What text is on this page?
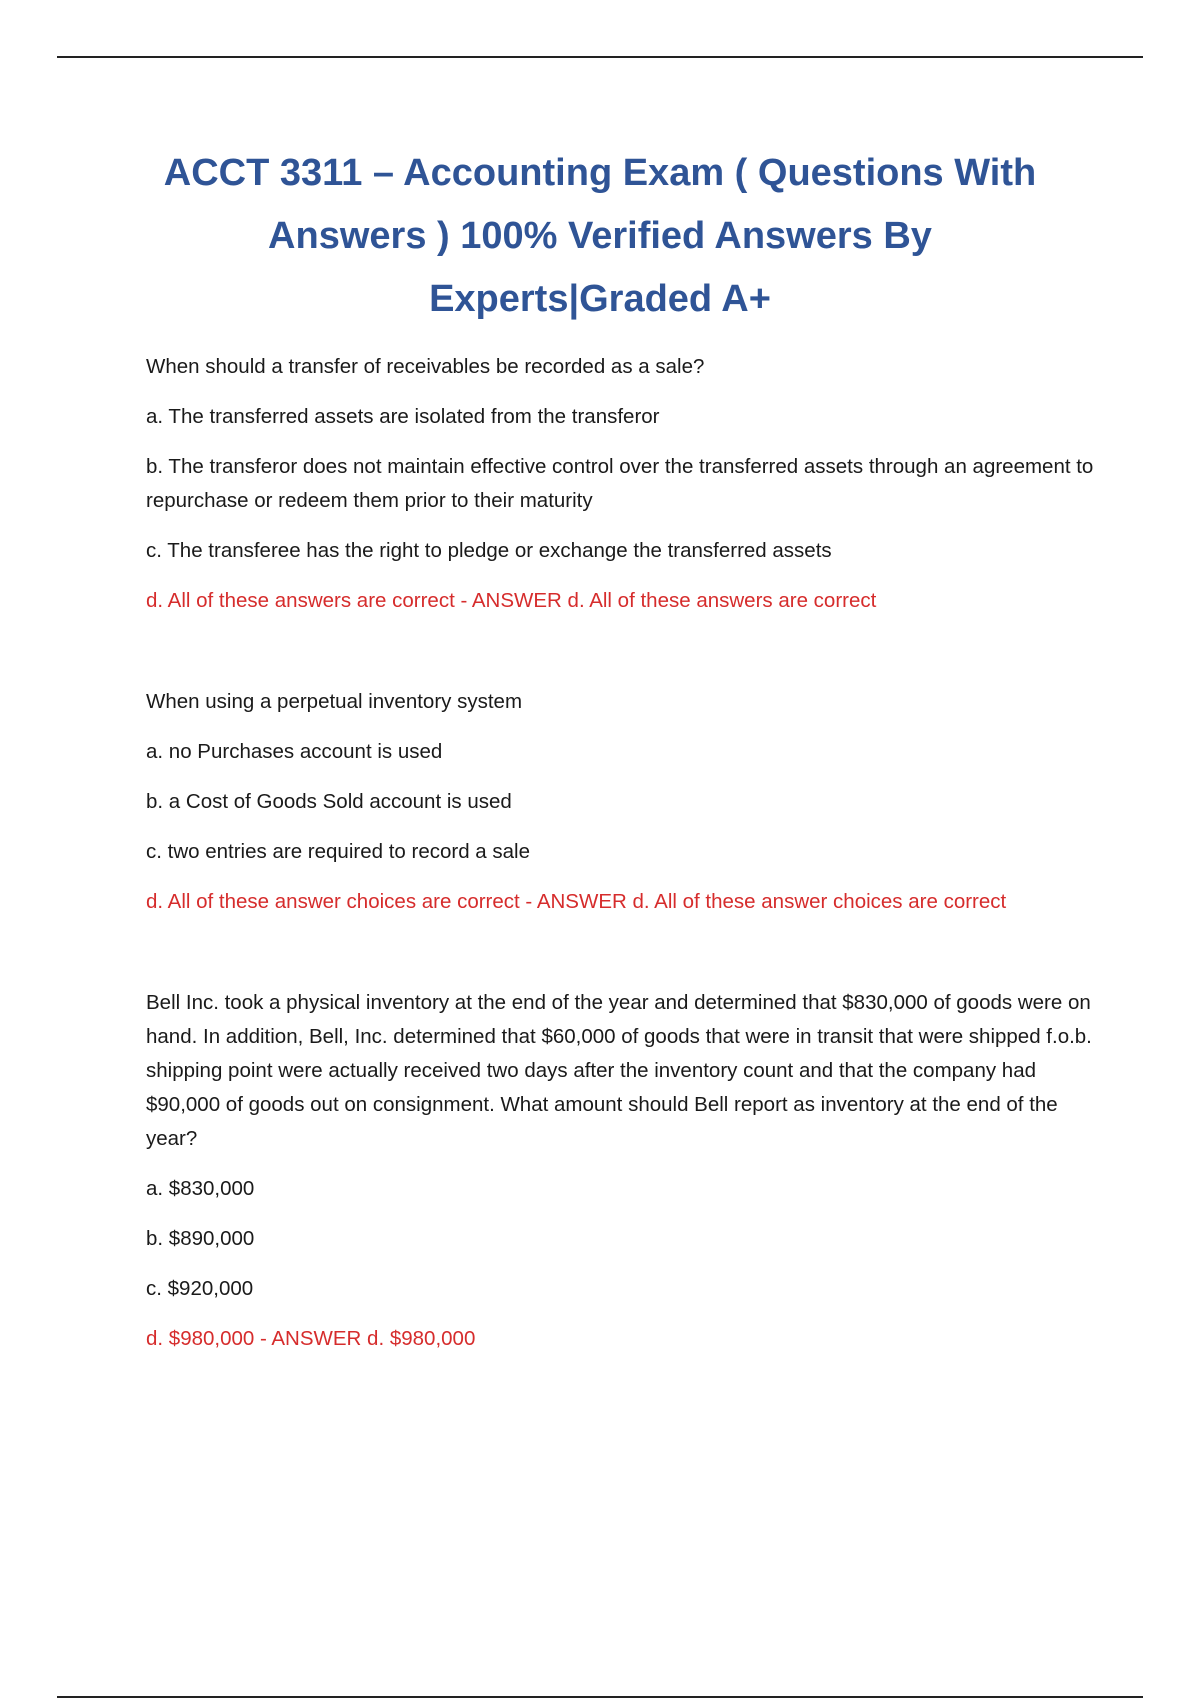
ACCT 3311 – Accounting Exam ( Questions With
Answers ) 100% Verified Answers By
Experts|Graded A+

When should a transfer of receivables be recorded as a sale?

a. The transferred assets are isolated from the transferor

b. The transferor does not maintain effective control over the transferred assets through an agreement to repurchase or redeem them prior to their maturity

c. The transferee has the right to pledge or exchange the transferred assets

d. All of these answers are correct - ANSWER d. All of these answers are correct

When using a perpetual inventory system

a. no Purchases account is used

b. a Cost of Goods Sold account is used

c. two entries are required to record a sale

d. All of these answer choices are correct - ANSWER d. All of these answer choices are correct

Bell Inc. took a physical inventory at the end of the year and determined that $830,000 of goods were on hand. In addition, Bell, Inc. determined that $60,000 of goods that were in transit that were shipped f.o.b. shipping point were actually received two days after the inventory count and that the company had $90,000 of goods out on consignment. What amount should Bell report as inventory at the end of the year?

a. $830,000

b. $890,000

c. $920,000

d. $980,000 - ANSWER d. $980,000
